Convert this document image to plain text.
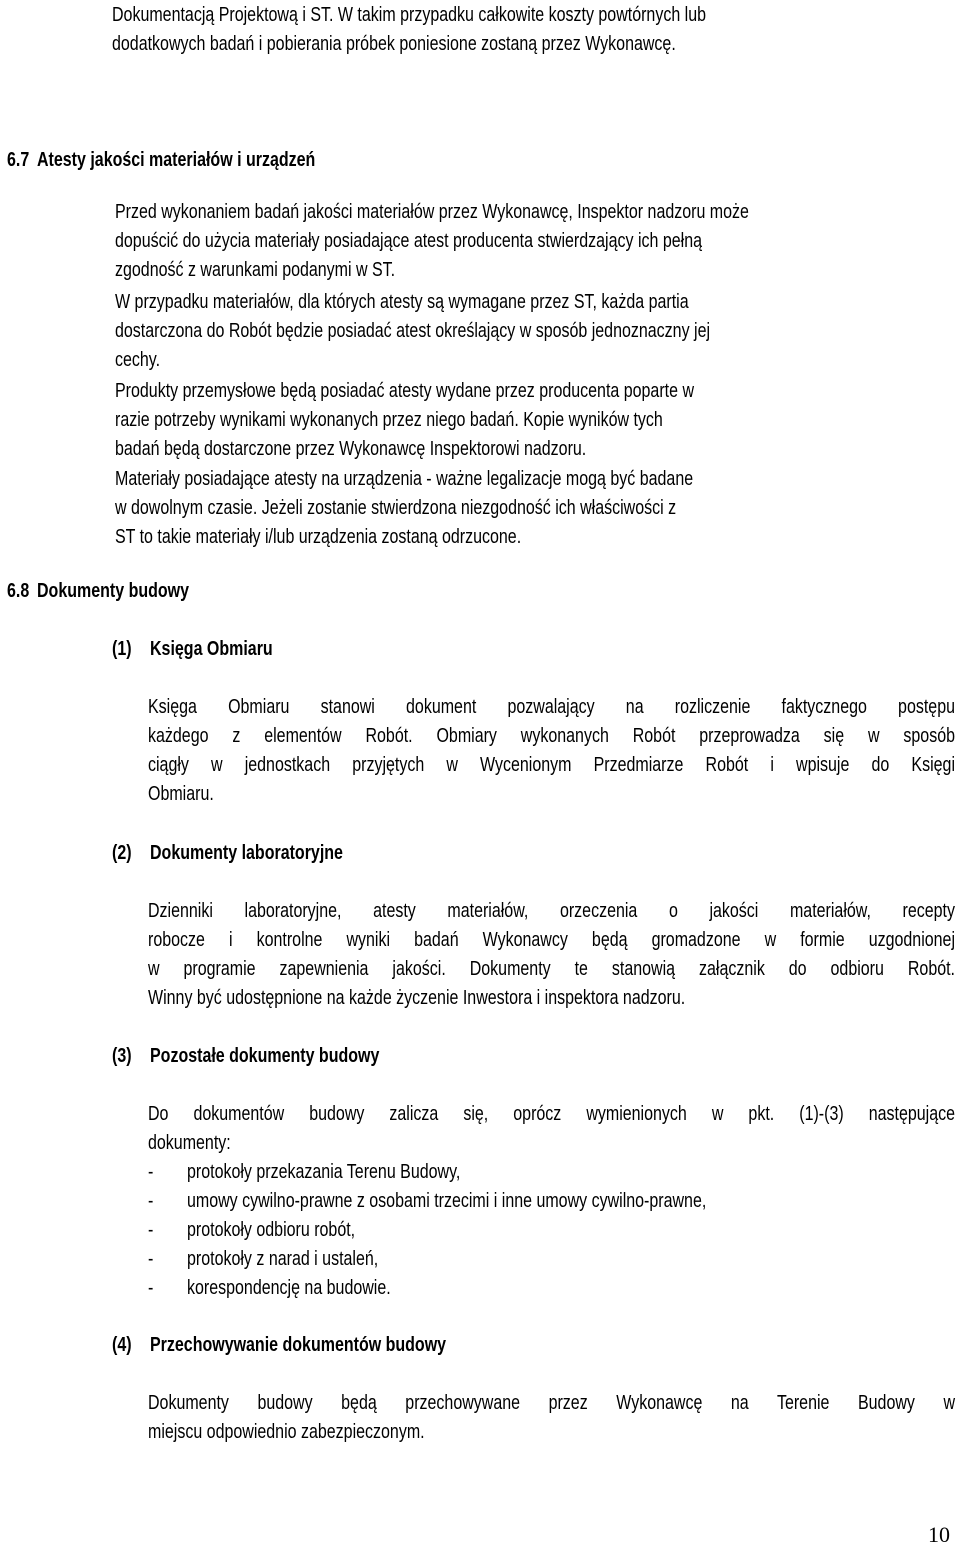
Dokumentacją Projektową i ST. W takim przypadku całkowite koszty powtórnych lub
dodatkowych badań i pobierania próbek poniesione zostaną przez Wykonawcę.
6.7 Atesty jakości materiałów i urządzeń
Przed wykonaniem badań jakości materiałów przez Wykonawcę, Inspektor nadzoru może
dopuścić do użycia materiały posiadające atest producenta stwierdzający ich pełną
zgodność z warunkami podanymi w ST.
W przypadku materiałów, dla których atesty są wymagane przez ST, każda partia
dostarczona do Robót będzie posiadać atest określający w sposób jednoznaczny jej
cechy.
Produkty przemysłowe będą posiadać atesty wydane przez producenta poparte w
razie potrzeby wynikami wykonanych przez niego badań. Kopie wyników tych
badań będą dostarczone przez Wykonawcę Inspektorowi nadzoru.
Materiały posiadające atesty na urządzenia - ważne legalizacje mogą być badane
w dowolnym czasie. Jeżeli zostanie stwierdzona niezgodność ich właściwości z
ST to takie materiały i/lub urządzenia zostaną odrzucone.
6.8 Dokumenty budowy
(1) Księga Obmiaru
Księga Obmiaru stanowi dokument pozwalający na rozliczenie faktycznego postępu
każdego z elementów Robót. Obmiary wykonanych Robót przeprowadza się w sposób
ciągły w jednostkach przyjętych w Wycenionym Przedmiarze Robót i wpisuje do Księgi
Obmiaru.
(2) Dokumenty laboratoryjne
Dzienniki laboratoryjne, atesty materiałów, orzeczenia o jakości materiałów, recepty
robocze i kontrolne wyniki badań Wykonawcy będą gromadzone w formie uzgodnionej
w programie zapewnienia jakości. Dokumenty te stanowią załącznik do odbioru Robót.
Winny być udostępnione na każde życzenie Inwestora i inspektora nadzoru.
(3) Pozostałe dokumenty budowy
Do dokumentów budowy zalicza się, oprócz wymienionych w pkt. (1)-(3) następujące
dokumenty:
- protokoły przekazania Terenu Budowy,
- umowy cywilno-prawne z osobami trzecimi i inne umowy cywilno-prawne,
- protokoły odbioru robót,
- protokoły z narad i ustaleń,
- korespondencję na budowie.
(4) Przechowywanie dokumentów budowy
Dokumenty budowy będą przechowywane przez Wykonawcę na Terenie Budowy w
miejscu odpowiednio zabezpieczonym.
10
